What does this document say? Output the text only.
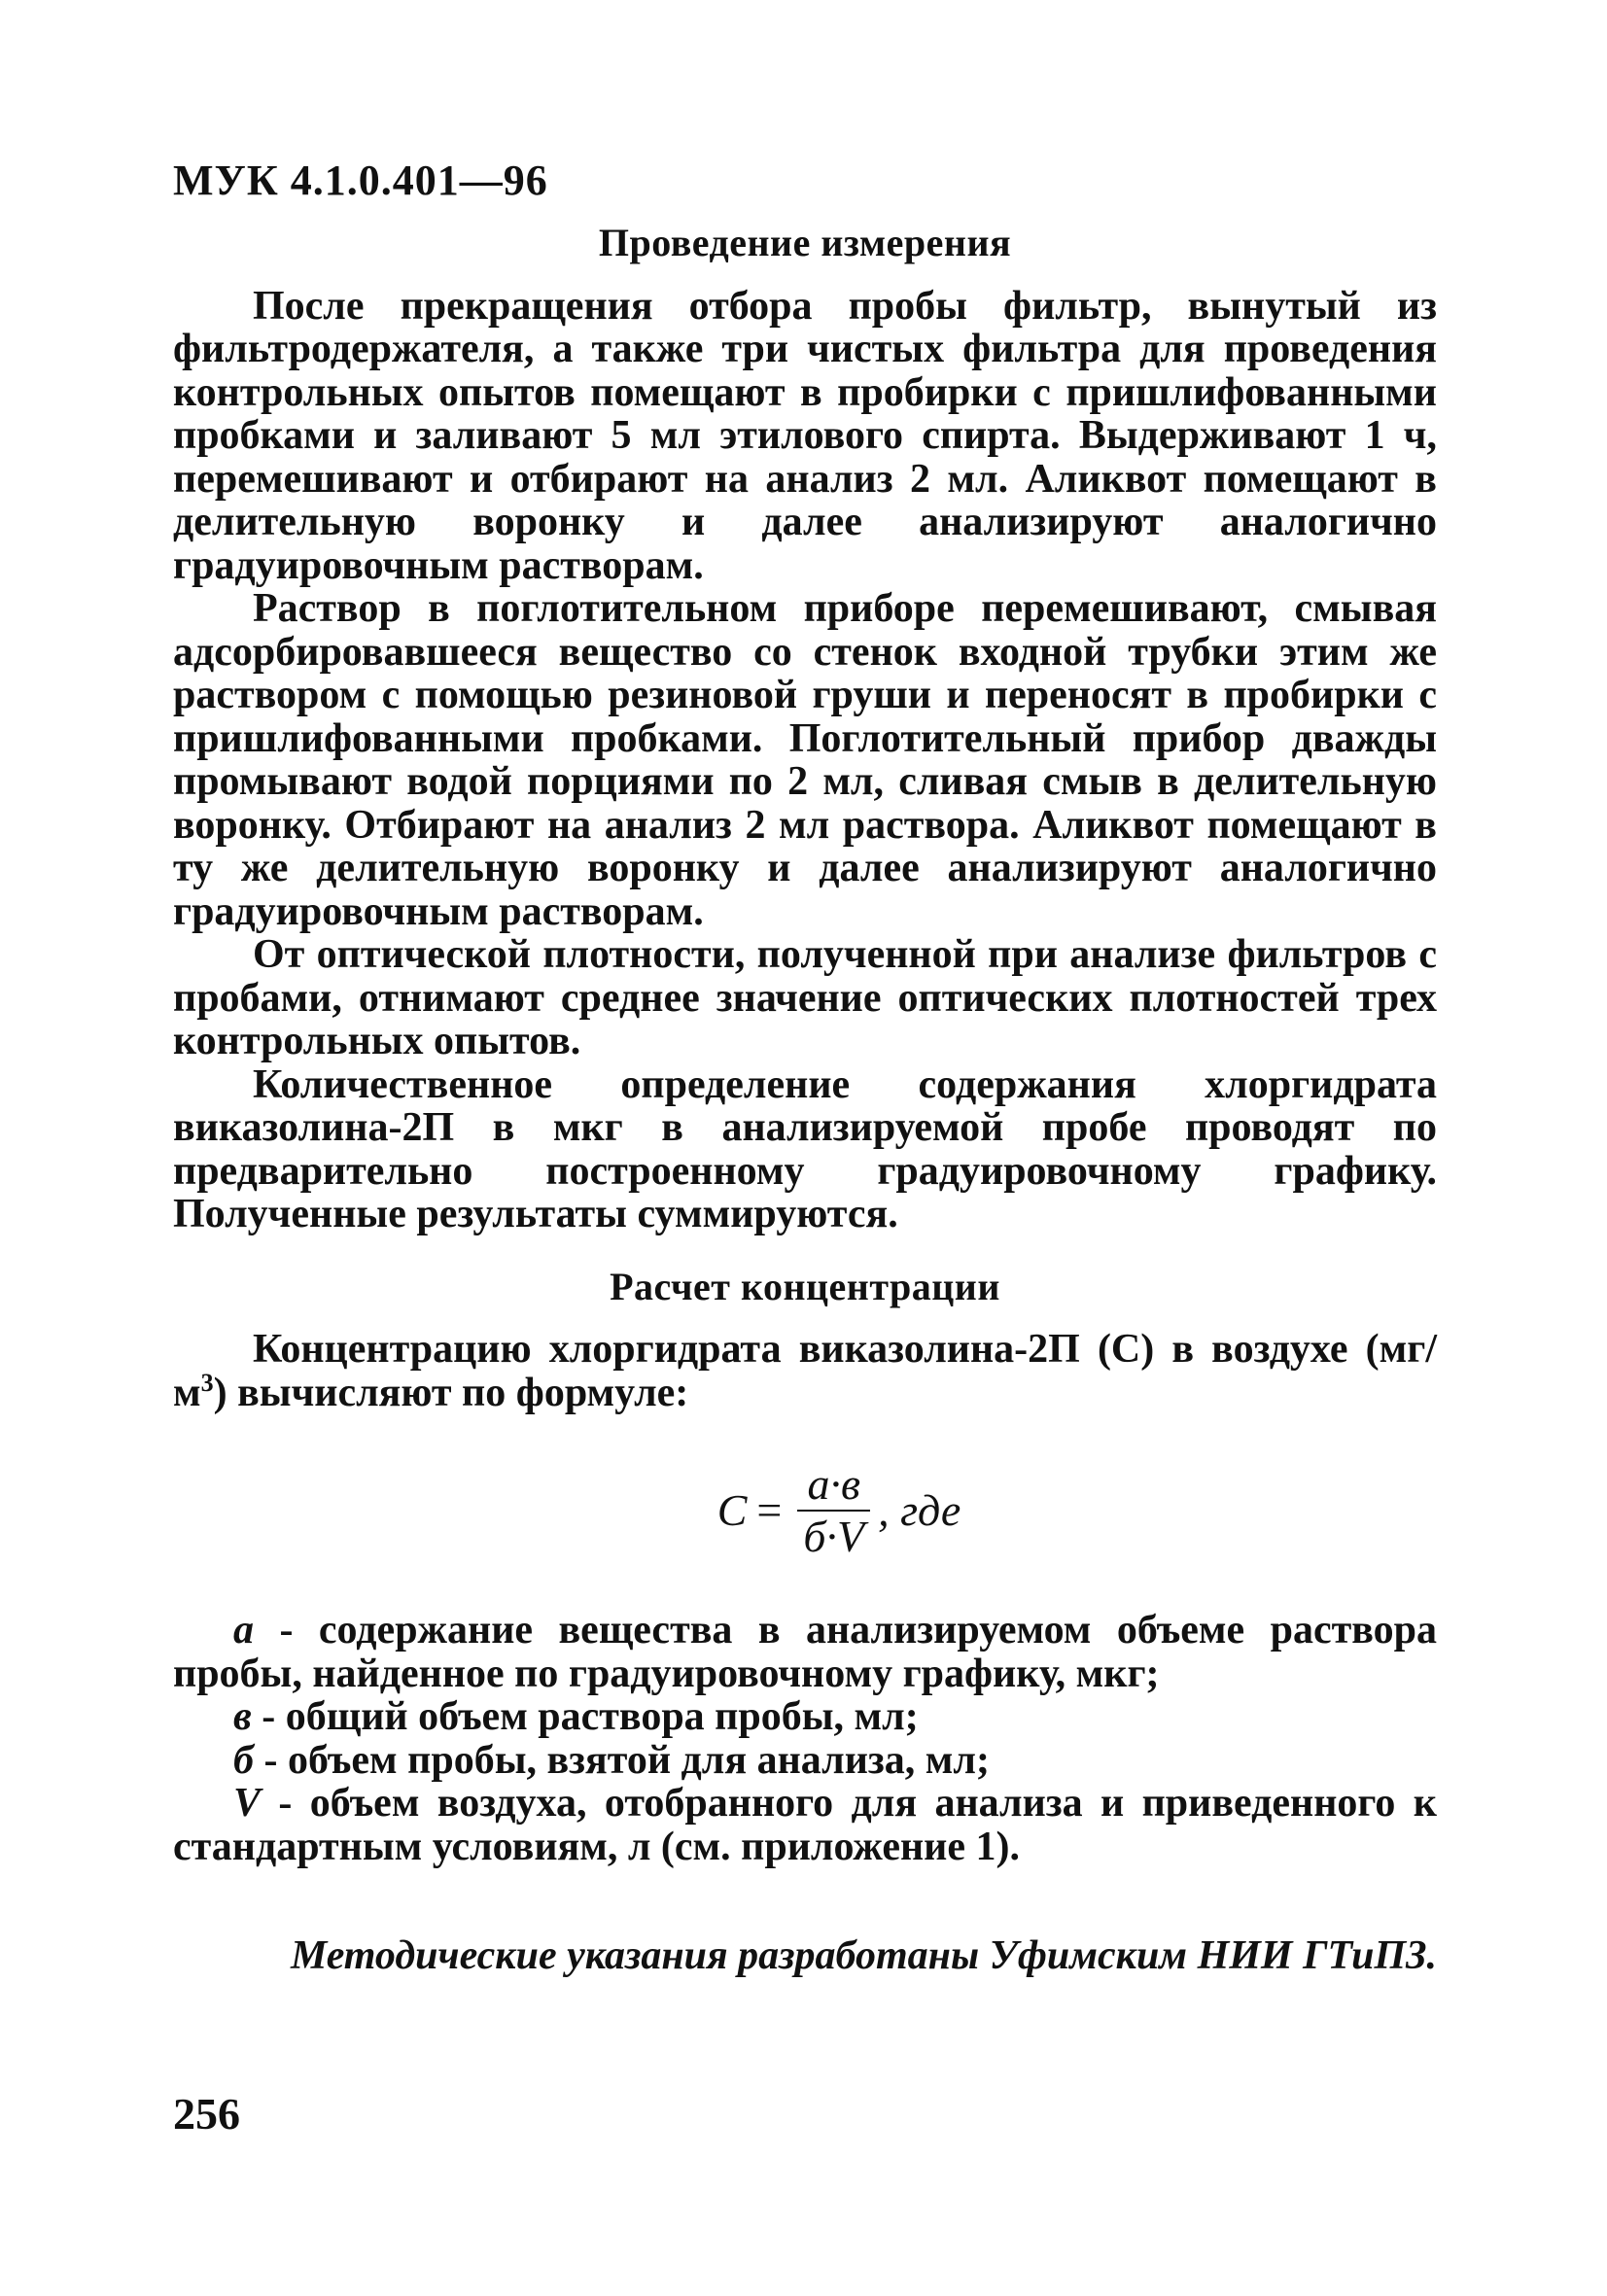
МУК 4.1.0.401—96
Проведение измерения

После прекращения отбора пробы фильтр, вынутый из фильтродержателя, а также три чистых фильтра для проведения контрольных опытов помещают в пробирки с пришлифованными пробками и заливают 5 мл этилового спирта. Выдерживают 1 ч, перемешивают и отбирают на анализ 2 мл. Аликвот помещают в делительную воронку и далее анализируют аналогично градуировочным растворам.

Раствор в поглотительном приборе перемешивают, смывая адсорбировавшееся вещество со стенок входной трубки этим же раствором с помощью резиновой груши и переносят в пробирки с пришлифованными пробками. Поглотительный прибор дважды промывают водой порциями по 2 мл, сливая смыв в делительную воронку. Отбирают на анализ 2 мл раствора. Аликвот помещают в ту же делительную воронку и далее анализируют аналогично градуировочным растворам.

От оптической плотности, полученной при анализе фильтров с пробами, отнимают среднее значение оптических плотностей трех контрольных опытов.

Количественное определение содержания хлоргидрата виказолина-2П в мкг в анализируемой пробе проводят по предварительно построенному градуировочному графику. Полученные результаты суммируются.

Расчет концентрации

Концентрацию хлоргидрата виказолина-2П (С) в воздухе $(мг/м^3)$ вычисляют по формуле:

$С = \frac{а\cdot в}{б\cdot V}$ , где

а - содержание вещества в анализируемом объеме раствора пробы, найденное по градуировочному графику, мкг;

в - общий объем раствора пробы, мл;

б - объем пробы, взятой для анализа, мл;

V - объем воздуха, отобранного для анализа и приведенного к стандартным условиям, л (см. приложение 1).

Методические указания разработаны Уфимским НИИ ГТиПЗ.
256
